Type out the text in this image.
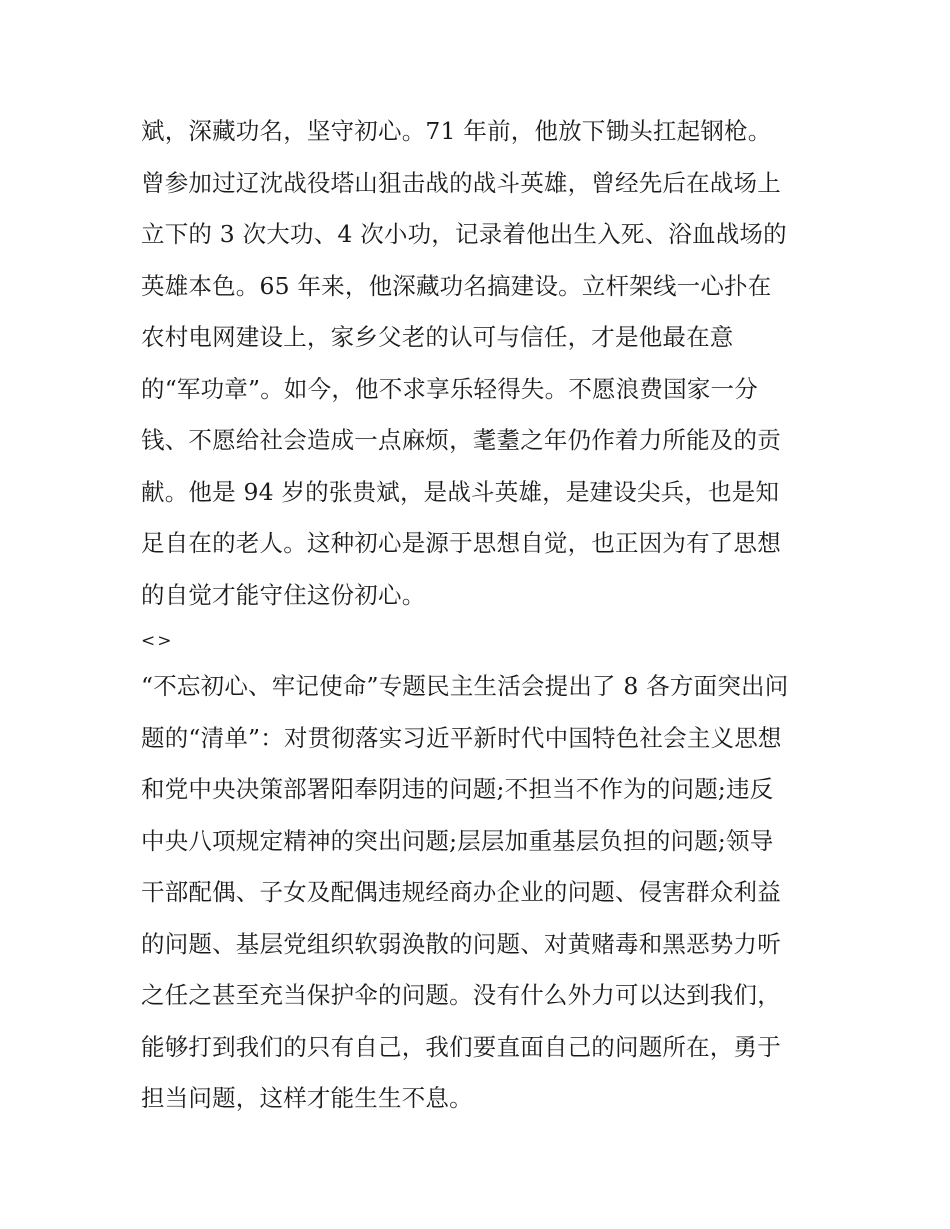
斌，深藏功名，坚守初心。71 年前，他放下锄头扛起钢枪。
曾参加过辽沈战役塔山狙击战的战斗英雄，曾经先后在战场上
立下的 3 次大功、4 次小功，记录着他出生入死、浴血战场的
英雄本色。65 年来，他深藏功名搞建设。立杆架线一心扑在
农村电网建设上，家乡父老的认可与信任，才是他最在意
的“军功章”。如今，他不求享乐轻得失。不愿浪费国家一分
钱、不愿给社会造成一点麻烦，耄耋之年仍作着力所能及的贡
献。他是 94 岁的张贵斌，是战斗英雄，是建设尖兵，也是知
足自在的老人。这种初心是源于思想自觉，也正因为有了思想
的自觉才能守住这份初心。
<>
“不忘初心、牢记使命”专题民主生活会提出了 8 各方面突出问
题的“清单”：对贯彻落实习近平新时代中国特色社会主义思想
和党中央决策部署阳奉阴违的问题;不担当不作为的问题;违反
中央八项规定精神的突出问题;层层加重基层负担的问题;领导
干部配偶、子女及配偶违规经商办企业的问题、侵害群众利益
的问题、基层党组织软弱涣散的问题、对黄赌毒和黑恶势力听
之任之甚至充当保护伞的问题。没有什么外力可以达到我们，
能够打到我们的只有自己，我们要直面自己的问题所在，勇于
担当问题，这样才能生生不息。
